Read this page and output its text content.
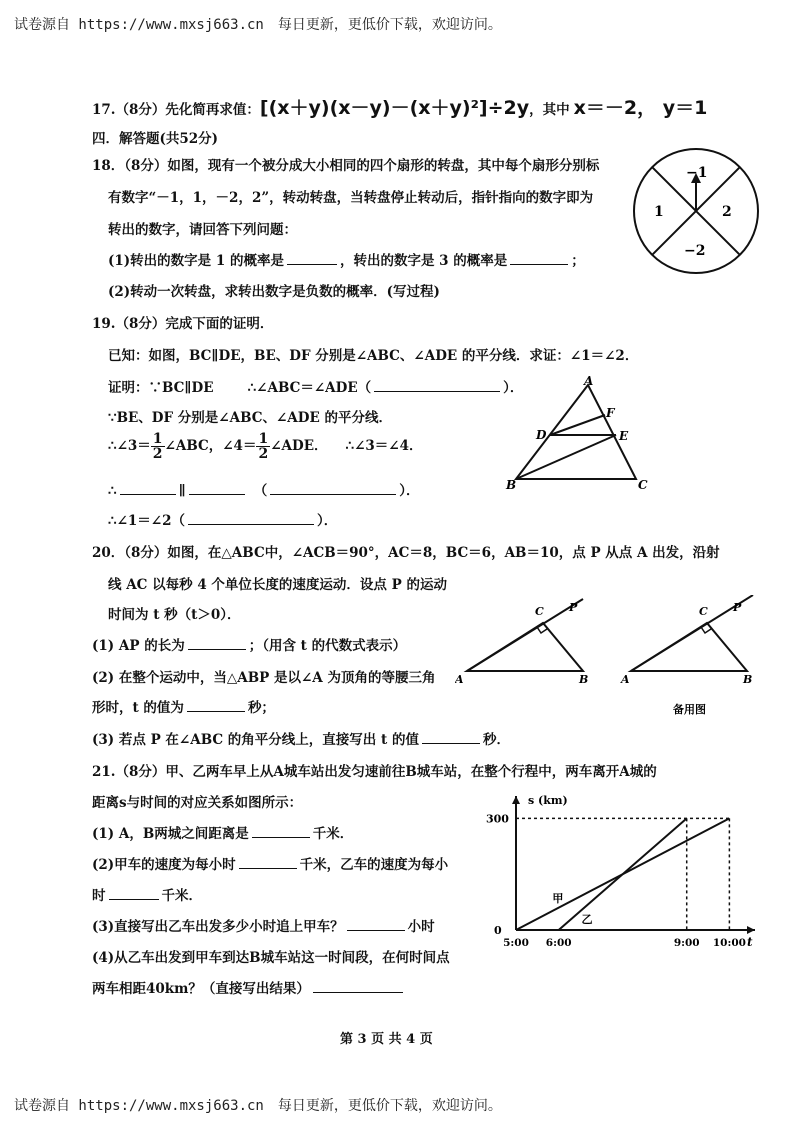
试卷源自 https://www.mxsj663.cn　每日更新，更低价下载，欢迎访问。
试卷源自 https://www.mxsj663.cn　每日更新，更低价下载，欢迎访问。
第 3 页 共 4 页
17.（8分）先化简再求值：[(x＋y)(x－y)－(x＋y)²]÷2y，其中 x＝－2， y＝1
四．解答题(共52分)
18．（8分）如图，现有一个被分成大小相同的四个扇形的转盘，其中每个扇形分别标
有数字“－1，1，－2，2”，转动转盘，当转盘停止转动后，指针指向的数字即为
转出的数字，请回答下列问题：
(1)转出的数字是 1 的概率是	，转出的数字是 3 的概率是	；
(2)转动一次转盘，求转出数字是负数的概率．(写过程)
−1
1	2
−2
19.（8分）完成下面的证明．
已知：如图，BC∥DE，BE、DF 分别是∠ABC、∠ADE 的平分线．求证：∠1＝∠2．
证明：∵BC∥DE	∴∠ABC＝∠ADE（	）．
∵BE、DF 分别是∠ABC、∠ADE 的平分线．
∴∠3＝ $\frac{1}{2}$ ∠ABC，∠4＝ $\frac{1}{2}$ ∠ADE． ∴∠3＝∠4．
∴	∥	（	）．
∴∠1＝∠2（	）．
A
F
D	E
B	C
20．（8分）如图，在△ABC中，∠ACB＝90°，AC＝8，BC＝6，AB＝10，点 P 从点 A 出发，沿射
线 AC 以每秒 4 个单位长度的速度运动．设点 P 的运动
时间为 t 秒（t＞0）．
(1) AP 的长为	；（用含 t 的代数式表示）
(2) 在整个运动中，当△ABP 是以∠A 为顶角的等腰三角
形时，t 的值为	秒；
(3) 若点 P 在∠ABC 的角平分线上，直接写出 t 的值	秒．
A	B
C P
A	B
C P
备用图
21.（8分）甲、乙两车早上从A城车站出发匀速前往B城车站，在整个行程中，两车离开A城的
距离s与时间的对应关系如图所示：
(1) A，B两城之间距离是	千米．
(2)甲车的速度为每小时	千米，乙车的速度为每小
时	千米．
(3)直接写出乙车出发多少小时追上甲车？	小时
(4)从乙车出发到甲车到达B城车站这一时间段，在何时间点
两车相距40km？（直接写出结果）
s (km)
t
0
300
5:00 6:00	9:00 10:00
甲
乙
